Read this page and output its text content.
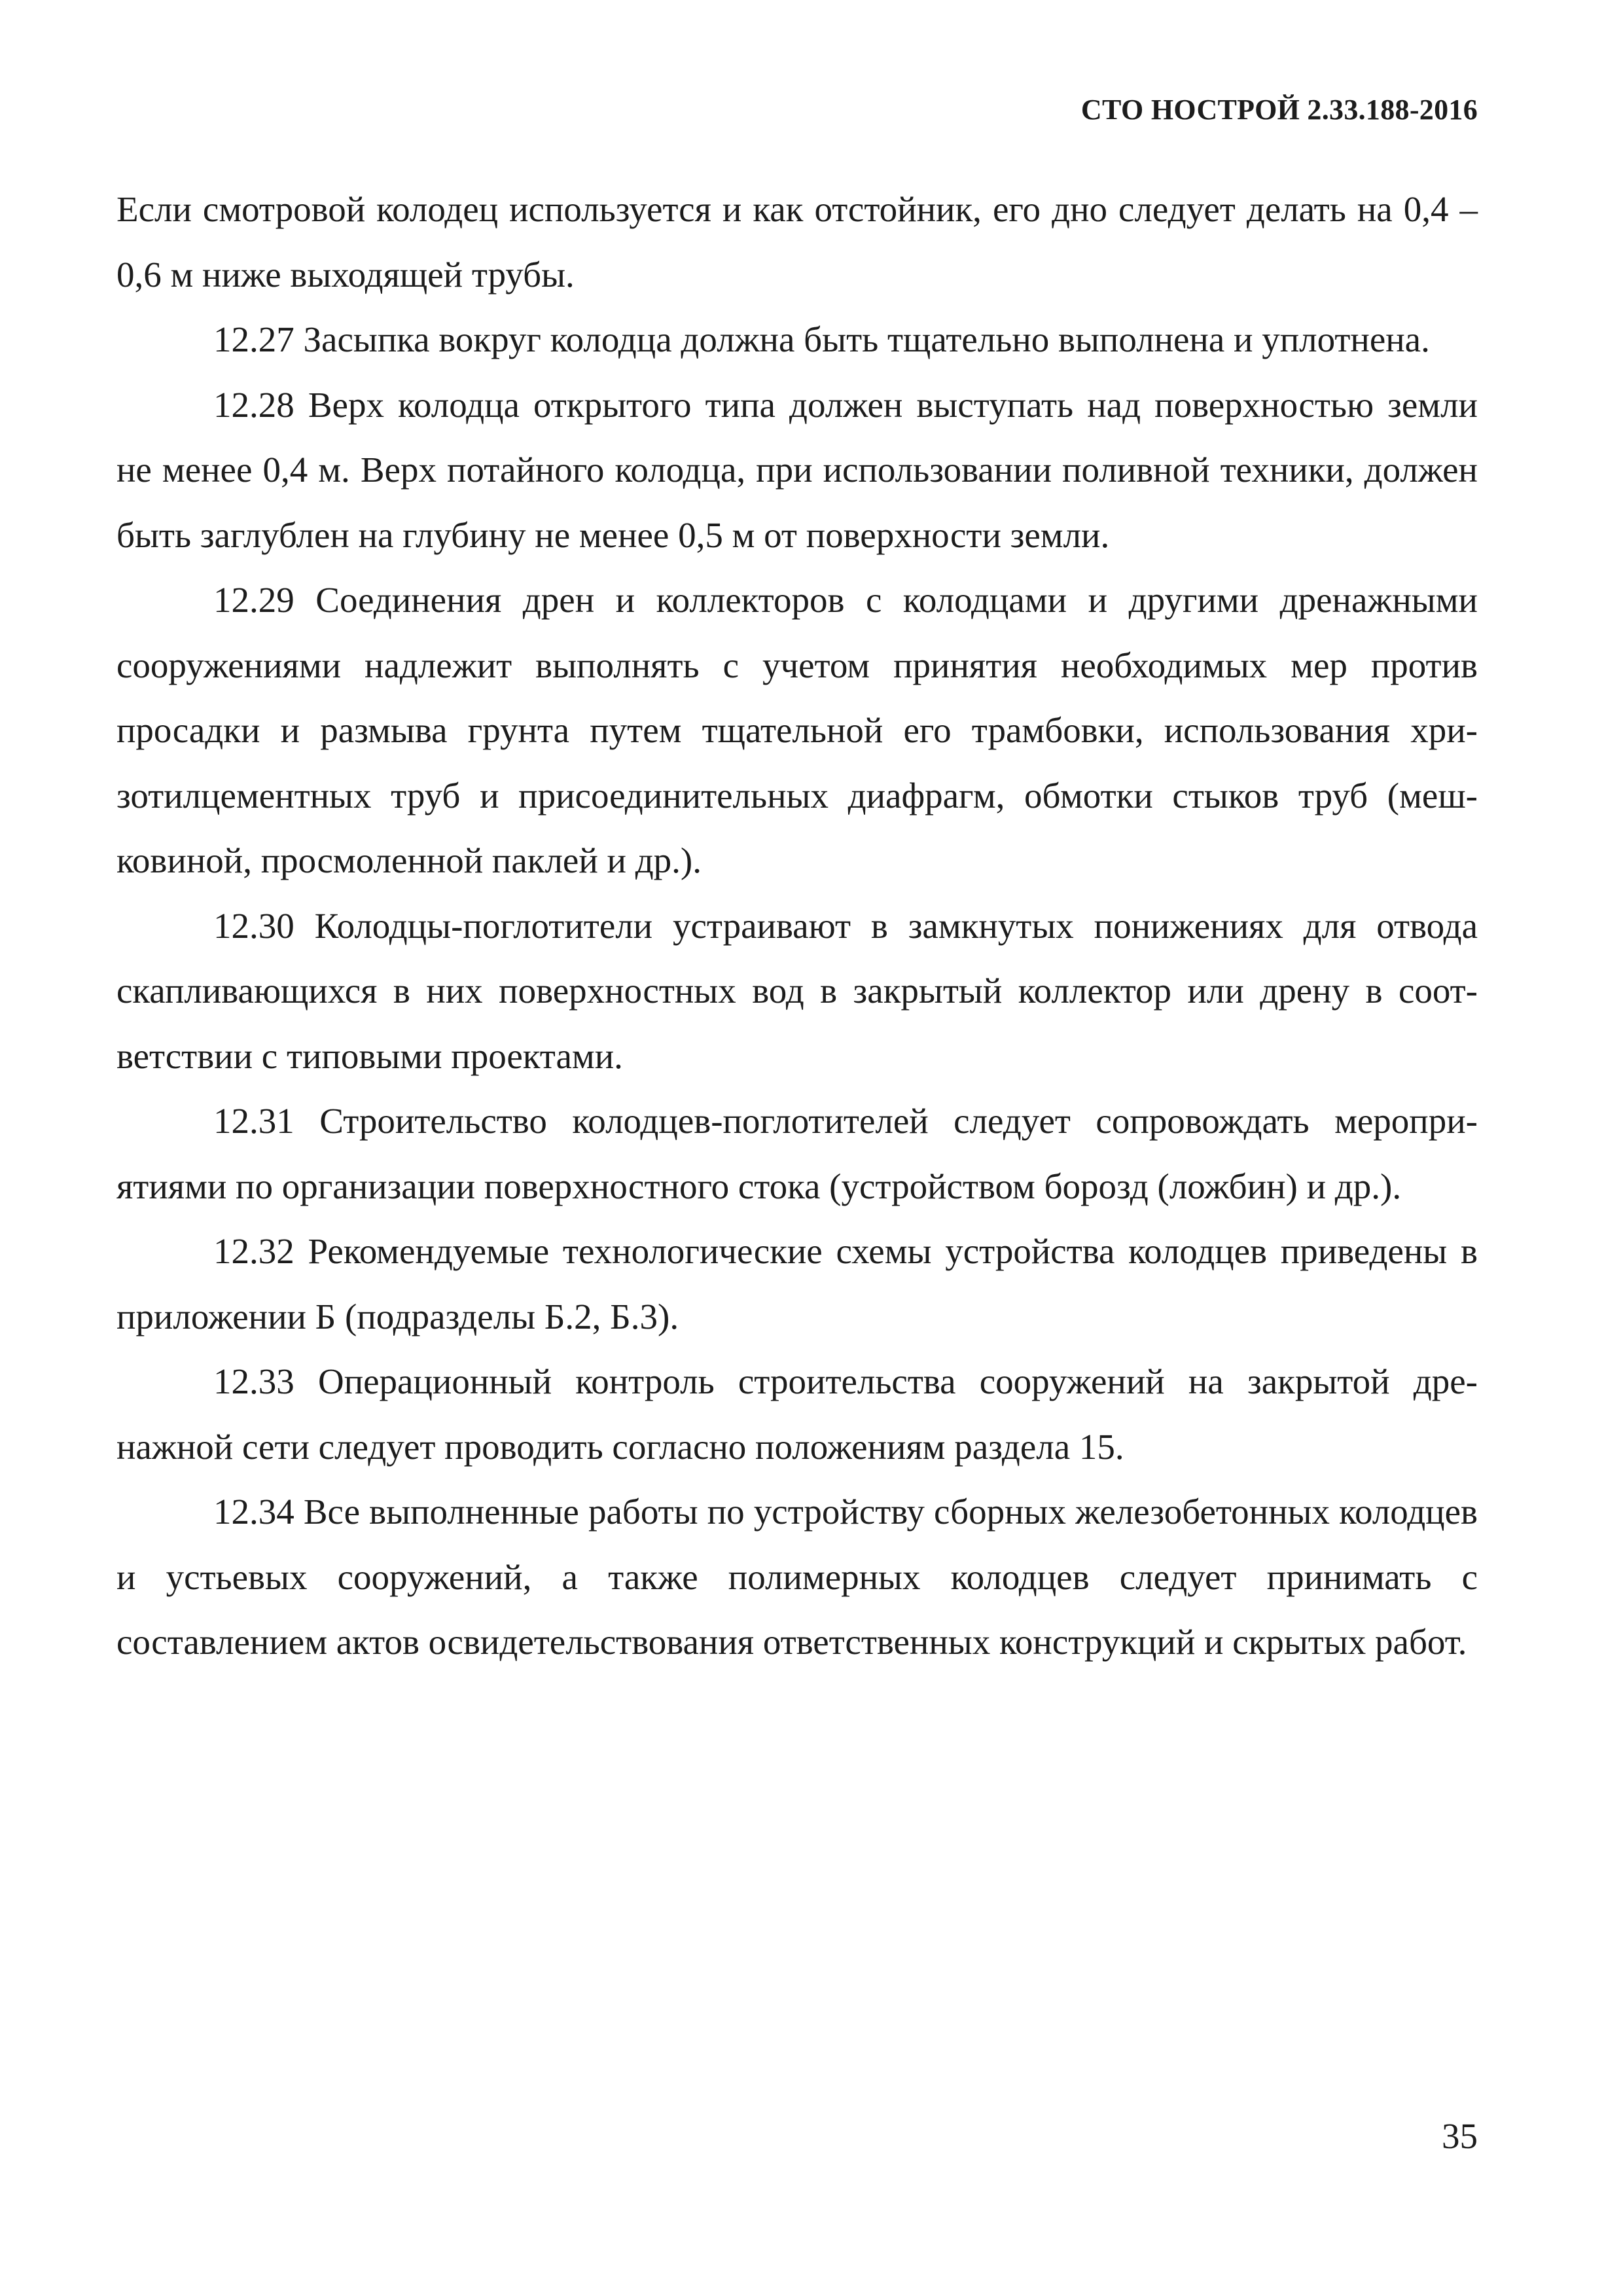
СТО НОСТРОЙ 2.33.188-2016

Если смотровой колодец используется и как отстойник, его дно следует делать на 0,4 – 0,6 м ниже выходящей трубы.

12.27 Засыпка вокруг колодца должна быть тщательно выполнена и уплотнена.

12.28 Верх колодца открытого типа должен выступать над поверхностью земли не менее 0,4 м. Верх потайного колодца, при использовании поливной техники, должен быть заглублен на глубину не менее 0,5 м от поверхности земли.

12.29 Соединения дрен и коллекторов с колодцами и другими дренажными сооружениями надлежит выполнять с учетом принятия необходимых мер против просадки и размыва грунта путем тщательной его трамбовки, использования хризотилцементных труб и присоединительных диафрагм, обмотки стыков труб (мешковиной, просмоленной паклей и др.).

12.30 Колодцы-поглотители устраивают в замкнутых понижениях для отвода скапливающихся в них поверхностных вод в закрытый коллектор или дрену в соответствии с типовыми проектами.

12.31 Строительство колодцев-поглотителей следует сопровождать мероприятиями по организации поверхностного стока (устройством борозд (ложбин) и др.).

12.32 Рекомендуемые технологические схемы устройства колодцев приведены в приложении Б (подразделы Б.2, Б.3).

12.33 Операционный контроль строительства сооружений на закрытой дренажной сети следует проводить согласно положениям раздела 15.

12.34 Все выполненные работы по устройству сборных железобетонных колодцев и устьевых сооружений, а также полимерных колодцев следует принимать с составлением актов освидетельствования ответственных конструкций и скрытых работ.

35
